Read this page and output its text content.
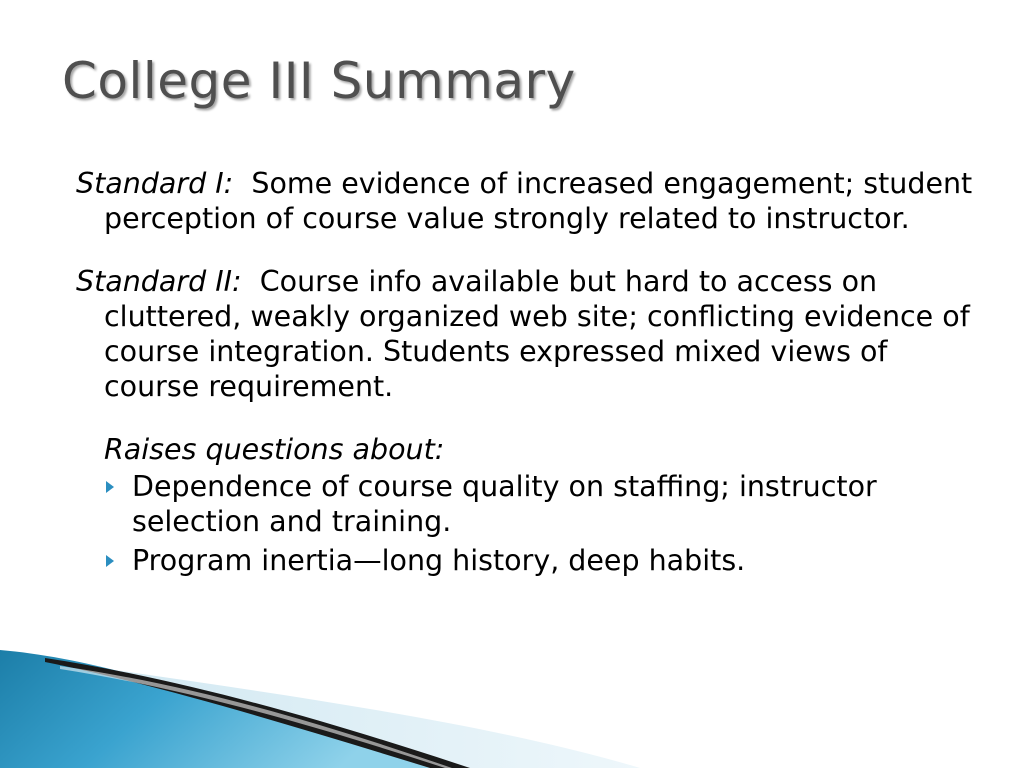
College III Summary

Standard I: Some evidence of increased engagement; student perception of course value strongly related to instructor.

Standard II: Course info available but hard to access on cluttered, weakly organized web site; conflicting evidence of course integration. Students expressed mixed views of course requirement.

Raises questions about:

Dependence of course quality on staffing; instructor selection and training.
Program inertia—long history, deep habits.
